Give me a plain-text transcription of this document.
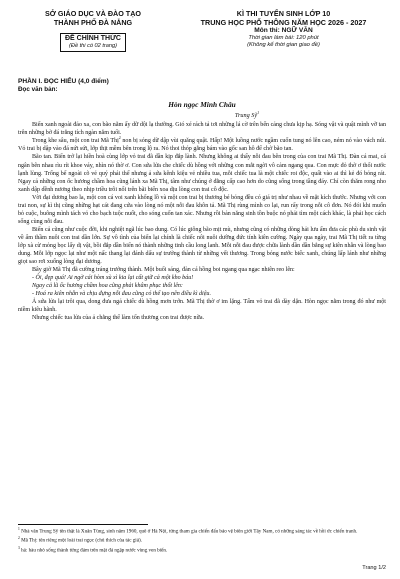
SỞ GIÁO DỤC VÀ ĐÀO TẠO
THÀNH PHỐ ĐÀ NẴNG
ĐỀ CHÍNH THỨC
(Đề thi có 02 trang)
KÌ THI TUYỂN SINH LỚP 10
TRUNG HỌC PHỔ THÔNG NĂM HỌC 2026 - 2027
Môn thi: NGỮ VĂN
Thời gian làm bài: 120 phút
(Không kể thời gian giao đề)
PHẦN I. ĐỌC HIỂU (4,0 điểm)
Đọc văn bản:
Hòn ngọc Minh Châu
Trung Sỹ$^1$

Biển xanh ngoài đảo xa, con bão năm ấy dữ dội lạ thường. Gió xé rách tả tơi những lá cờ trên bến cảng chưa kịp hạ. Sóng vật và quật mình vỡ tan trên những bờ đá trắng tích ngàn năm tuổi.

Trong khe sâu, một con trai Mã Thị$^2$ non bị sóng dữ dập vùi quăng quật. Hấp! Một luồng nước ngầm cuốn tung nó lên cao, ném nó vào vách núi. Vỏ trai bị dập vào đá nứt sứt, lớp thịt mềm bên trong lộ ra. Nó thoi thóp gắng bám vào gốc san hô để chờ bão tan.

Bão tan. Biển trở lại hiền hoà cùng lớp vỏ trai đã dần kịp đắp lành. Nhưng không ai thấy nỗi đau bên trong của con trai Mã Thị. Đàn cá mai, cá ngân bên nhau rìu rít khoe váy, nhìn nó thờ ơ. Con sứa lửa che chiếc dù hồng với những con mắt ngời vô cảm ngang qua. Con mực đỏ thờ ơ thổi nước lạnh lùng. Trống bể ngoài cõ vẻ quý phái thế nhưng ả sứa kênh kiệu vẻ nhiều tua, mỗi chiếc tua là một chiếc roi độc, quất vào ai thì kẻ đó bỏng rát. Ngay cả những con ốc hương chầm hoa cũng lánh xa Mã Thị, tâm như chúng ở đằng cấp cao hơn do cũng sống trong tầng đáy. Chỉ còn thăm rong nho xanh dập dềnh nương theo nhịp triều trôi nổi trên bãi biển xoa dịu lòng con trai cô độc.

Vời đại dương bao la, một con cá voi xanh khổng lồ và một con trai bị thương bé bỏng đều có giá trị như nhau về mặt kích thước. Nhưng với con trai non, sự kì thị cũng những hạt cát đang cứa vào lòng nó một nỗi đau khôn tả. Mã Thị rùng mình co lại, run rẩy trong nỗi cô đơn. Nó đói khi muốn bỏ cuộc, buông mình tách vỏ cho bạch tuộc nuốt, cho sóng cuốn tan xác. Nhưng rồi bản năng sinh tồn buộc nó phải tìm một cách khác, là phải học cách sống cùng nỗi đau.

Biển cả cũng như cuộc đời, khi nghiệt ngã lúc bao dung. Có lúc giông bão mịt mù, nhưng cũng có những dòng hải lưu ấm đưa các phù du sinh vật về ẩm thầm nuôi con trai dần lớn. Sự vô tình của biển lại chính là chiếc nôi nuôi dưỡng đức tính kiên cường. Ngày qua ngày, trai Mã Thị tiết ra từng lớp xà cừ mỏng bọc lấy dị vật, bồi đắp dần biển nó thành những tinh cầu long lanh. Mỗi nỗi đau được chữa lành dần dần bằng sự kiên nhẫn và lòng bao dung. Mỗi lớp ngọc lại như một nấc thang lại đánh dấu sự trưởng thành từ những vết thương. Trong bóng nước biếc xanh, chúng lấp lánh như những giọt sao rơi xuống lòng đại dương.

Bây giờ Mã Thị đã cường tráng trưởng thành. Một buổi sáng, đàn cá hồng boi ngang qua ngạc nhiên reo lên:

- Ôi, đẹp quá! Ai ngờ cái hòm xù xì kia lại cất giữ cả một kho báu!

Ngay cả lũ ốc hương chầm hoa cũng phải khâm phục thốt lên:

- Hoá ra kiên nhẫn và chịu đựng nỗi đau cũng có thể tạo nên điều kì diệu.

Ả sứa lửa lại trôi qua, dong đưa ngả chiếc dù hồng mơn trớn. Mã Thị thờ ơ im lặng. Tấm vỏ trai đã dày dặn. Hòn ngọc nằm trong đó như một niềm kiêu hãnh.

Nhưng chiếc tua lửa của ả chẳng thể làm tổn thương con trai được nữa.

$^1$ Nhà văn Trung Sỹ tên thật là Xuân Tùng, sinh năm 1960, quê ở Hà Nội, từng tham gia chiến đấu bảo vệ biên giới Tây Nam, có những sáng tác về hồi ức chiến tranh.

$^2$ Mã Thị: tên riêng một loài trai ngọc (chủ thích của tác giả).

$^3$ hả: hàu nhỏ sống thành từng đám trên mặt đá ngập nước vùng ven biển.

Trang 1/2
